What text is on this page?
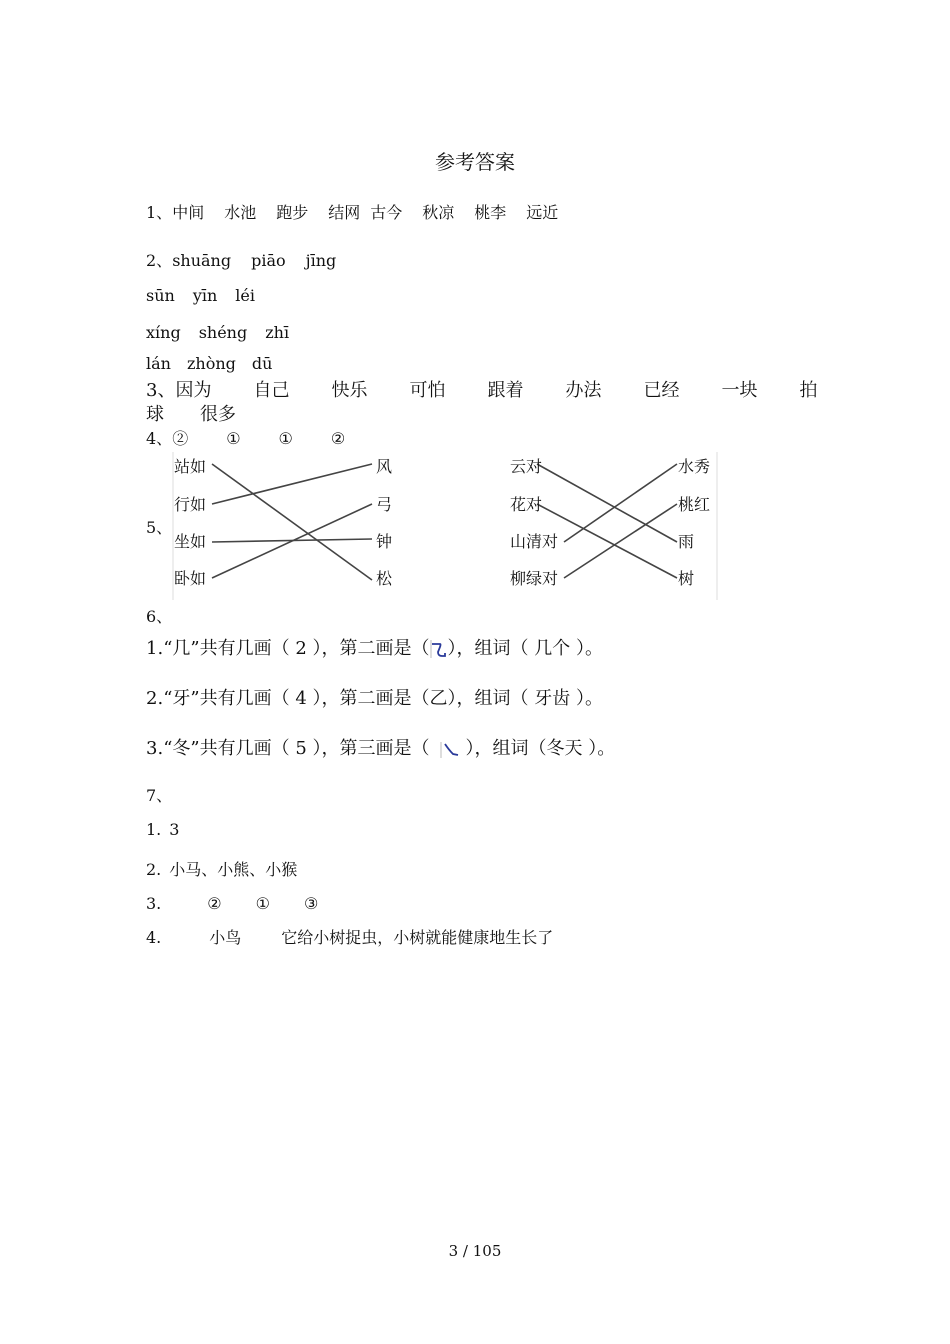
参考答案
1、中间 水池 跑步 结网 古今 秋凉 桃李 远近
2、shuāng piāo jīng
sūn yīn léi
xíng shéng zhī
lán zhòng dū
3、因为 自己 快乐 可怕 跟着 办法 已经 一块 拍
球 很多
4、② ① ① ②
5、
站如
行如
坐如
卧如
风
弓
钟
松
云对
花对
山清对
柳绿对
水秀
桃红
雨
树
6、
1.“几”共有几画（ 2 ），第二画是（ ），组词（ 几个 ）。
2.“牙”共有几画（ 4 ），第二画是（乙），组词（ 牙齿 ）。
3.“冬”共有几画（ 5 ），第三画是（ ），组词（冬天 ）。
7、
1. 3
2. 小马、小熊、小猴
3.	② ① ③
4.	小鸟	它给小树捉虫，小树就能健康地生长了
3 / 105
